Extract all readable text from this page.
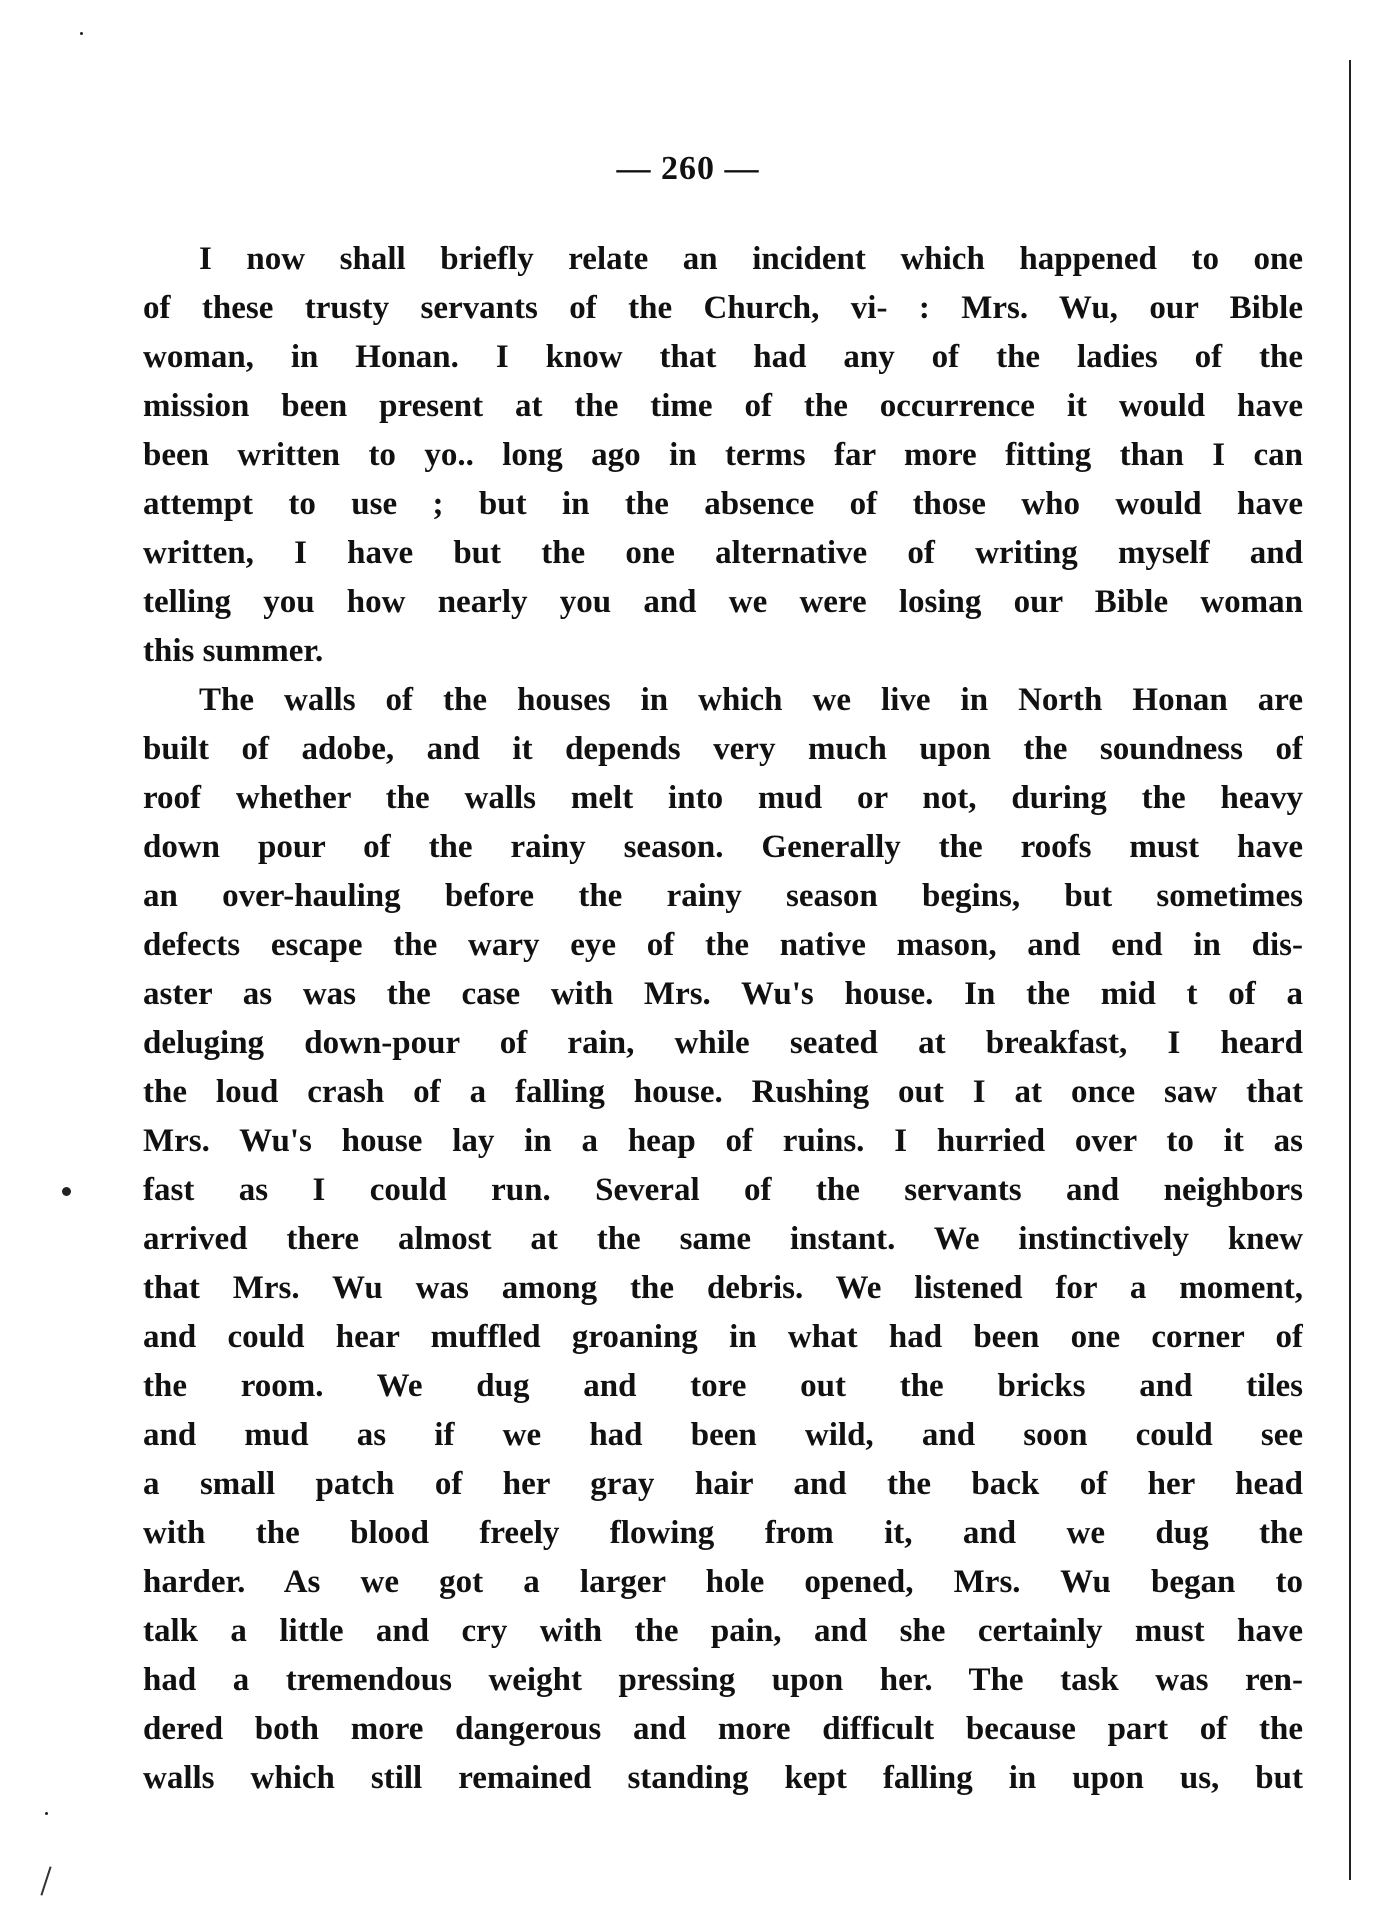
— 260 —
I now shall briefly relate an incident which happened to one
of these trusty servants of the Church, vi- : Mrs. Wu, our Bible
woman, in Honan. I know that had any of the ladies of the
mission been present at the time of the occurrence it would have
been written to yo.. long ago in terms far more fitting than I can
attempt to use ; but in the absence of those who would have
written, I have but the one alternative of writing myself and
telling you how nearly you and we were losing our Bible woman
this summer.
The walls of the houses in which we live in North Honan are
built of adobe, and it depends very much upon the soundness of
roof whether the walls melt into mud or not, during the heavy
down pour of the rainy season. Generally the roofs must have
an over-hauling before the rainy season begins, but sometimes
defects escape the wary eye of the native mason, and end in dis-
aster as was the case with Mrs. Wu's house. In the mid t of a
deluging down-pour of rain, while seated at breakfast, I heard
the loud crash of a falling house. Rushing out I at once saw that
Mrs. Wu's house lay in a heap of ruins. I hurried over to it as
fast as I could run. Several of the servants and neighbors
arrived there almost at the same instant. We instinctively knew
that Mrs. Wu was among the debris. We listened for a moment,
and could hear muffled groaning in what had been one corner of
the room. We dug and tore out the bricks and tiles
and mud as if we had been wild, and soon could see
a small patch of her gray hair and the back of her head
with the blood freely flowing from it, and we dug the
harder. As we got a larger hole opened, Mrs. Wu began to
talk a little and cry with the pain, and she certainly must have
had a tremendous weight pressing upon her. The task was ren-
dered both more dangerous and more difficult because part of the
walls which still remained standing kept falling in upon us, but
